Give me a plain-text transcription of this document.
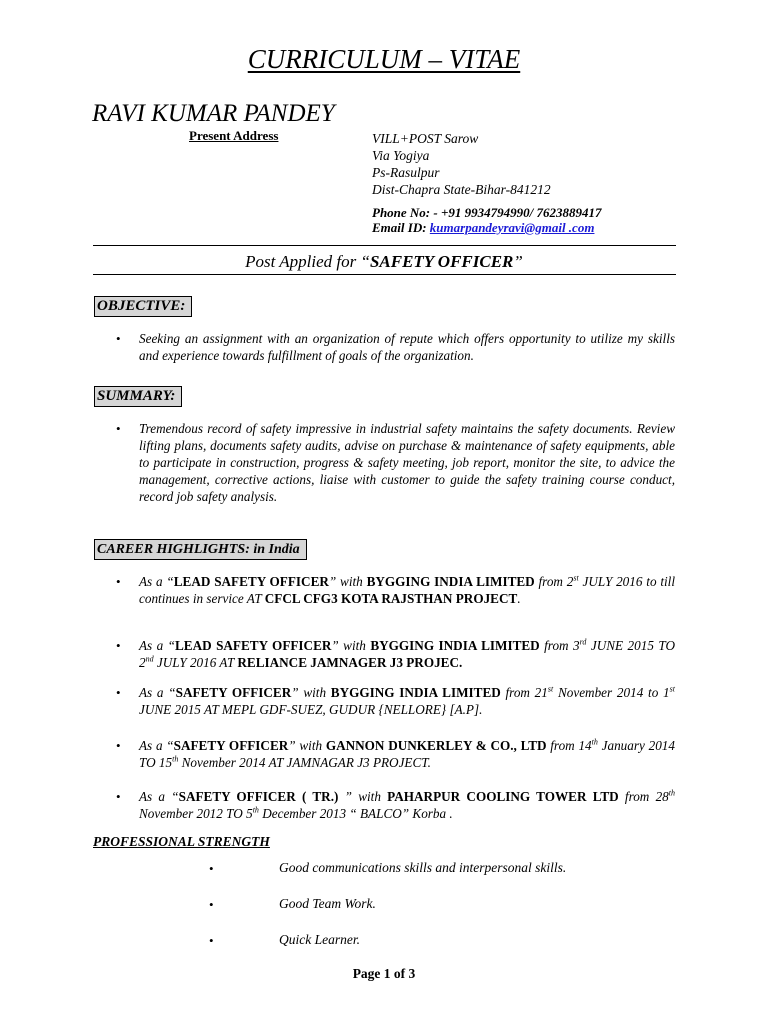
CURRICULUM – VITAE
RAVI KUMAR PANDEY
Present Address	VILL+POST Sarow
Via Yogiya
Ps-Rasulpur
Dist-Chapra State-Bihar-841212
Phone No: - +91 9934794990/ 7623889417
Email ID: kumarpandeyravi@gmail .com
Post Applied for “SAFETY OFFICER”
OBJECTIVE:
• Seeking an assignment with an organization of repute which offers opportunity to utilize my skills and experience towards fulfillment of goals of the organization.
SUMMARY:
• Tremendous record of safety impressive in industrial safety maintains the safety documents. Review lifting plans, documents safety audits, advise on purchase & maintenance of safety equipments, able to participate in construction, progress & safety meeting, job report, monitor the site, to advice the management, corrective actions, liaise with customer to guide the safety training course conduct, record job safety analysis.
CAREER HIGHLIGHTS: in India
• As a “LEAD SAFETY OFFICER” with BYGGING INDIA LIMITED from 2st JULY 2016 to till continues in service AT CFCL CFG3 KOTA RAJSTHAN PROJECT.
• As a “LEAD SAFETY OFFICER” with BYGGING INDIA LIMITED from 3rd JUNE 2015 TO 2nd JULY 2016 AT RELIANCE JAMNAGER J3 PROJEC.
• As a “SAFETY OFFICER” with BYGGING INDIA LIMITED from 21st November 2014 to 1st JUNE 2015 AT MEPL GDF-SUEZ, GUDUR {NELLORE} [A.P].
• As a “SAFETY OFFICER” with GANNON DUNKERLEY & CO., LTD from 14th January 2014 TO 15th November 2014 AT JAMNAGAR J3 PROJECT.
• As a “SAFETY OFFICER ( TR.) ” with PAHARPUR COOLING TOWER LTD from 28th November 2012 TO 5th December 2013 “ BALCO” Korba .
PROFESSIONAL STRENGTH
•	Good communications skills and interpersonal skills.
•	Good Team Work.
•	Quick Learner.
Page 1 of 3
